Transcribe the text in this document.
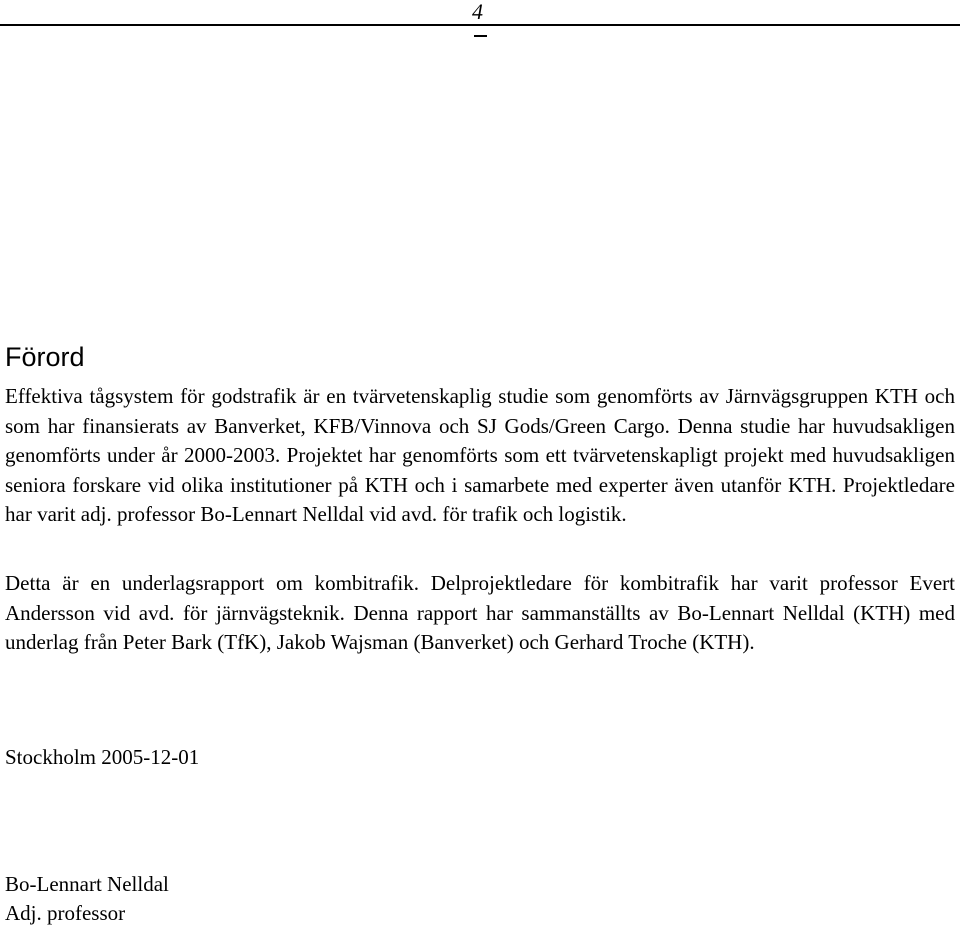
4
Förord

Effektiva tågsystem för godstrafik är en tvärvetenskaplig studie som genomförts av Järnvägsgruppen KTH och som har finansierats av Banverket, KFB/Vinnova och SJ Gods/Green Cargo. Denna studie har huvudsakligen genomförts under år 2000-2003. Projektet har genomförts som ett tvärvetenskapligt projekt med huvudsakligen seniora forskare vid olika institutioner på KTH och i samarbete med experter även utanför KTH. Projektledare har varit adj. professor Bo-Lennart Nelldal vid avd. för trafik och logistik.

Detta är en underlagsrapport om kombitrafik. Delprojektledare för kombitrafik har varit professor Evert Andersson vid avd. för järnvägsteknik. Denna rapport har sammanställts av Bo-Lennart Nelldal (KTH) med underlag från Peter Bark (TfK), Jakob Wajsman (Banverket) och Gerhard Troche (KTH).

Stockholm 2005-12-01
Bo-Lennart Nelldal
Adj. professor
